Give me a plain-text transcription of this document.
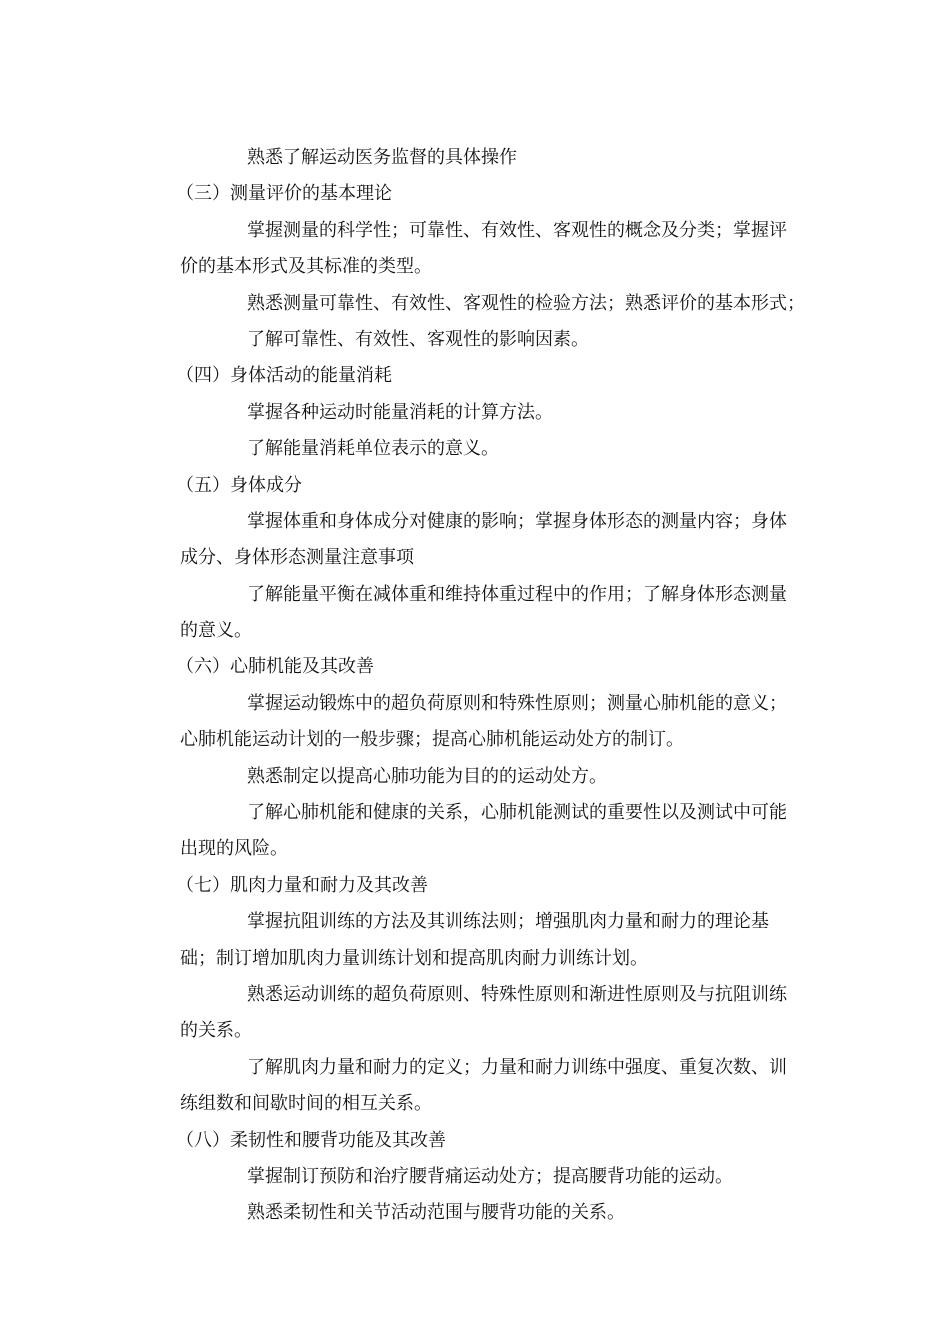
熟悉了解运动医务监督的具体操作
（三）测量评价的基本理论
掌握测量的科学性；可靠性、有效性、客观性的概念及分类；掌握评
价的基本形式及其标准的类型。
熟悉测量可靠性、有效性、客观性的检验方法；熟悉评价的基本形式；
了解可靠性、有效性、客观性的影响因素。
（四）身体活动的能量消耗
掌握各种运动时能量消耗的计算方法。
了解能量消耗单位表示的意义。
（五）身体成分
掌握体重和身体成分对健康的影响；掌握身体形态的测量内容；身体
成分、身体形态测量注意事项
了解能量平衡在减体重和维持体重过程中的作用；了解身体形态测量
的意义。
（六）心肺机能及其改善
掌握运动锻炼中的超负荷原则和特殊性原则；测量心肺机能的意义；
心肺机能运动计划的一般步骤；提高心肺机能运动处方的制订。
熟悉制定以提高心肺功能为目的的运动处方。
了解心肺机能和健康的关系，心肺机能测试的重要性以及测试中可能
出现的风险。
（七）肌肉力量和耐力及其改善
掌握抗阻训练的方法及其训练法则；增强肌肉力量和耐力的理论基
础；制订增加肌肉力量训练计划和提高肌肉耐力训练计划。
熟悉运动训练的超负荷原则、特殊性原则和渐进性原则及与抗阻训练
的关系。
了解肌肉力量和耐力的定义；力量和耐力训练中强度、重复次数、训
练组数和间歇时间的相互关系。
（八）柔韧性和腰背功能及其改善
掌握制订预防和治疗腰背痛运动处方；提高腰背功能的运动。
熟悉柔韧性和关节活动范围与腰背功能的关系。
